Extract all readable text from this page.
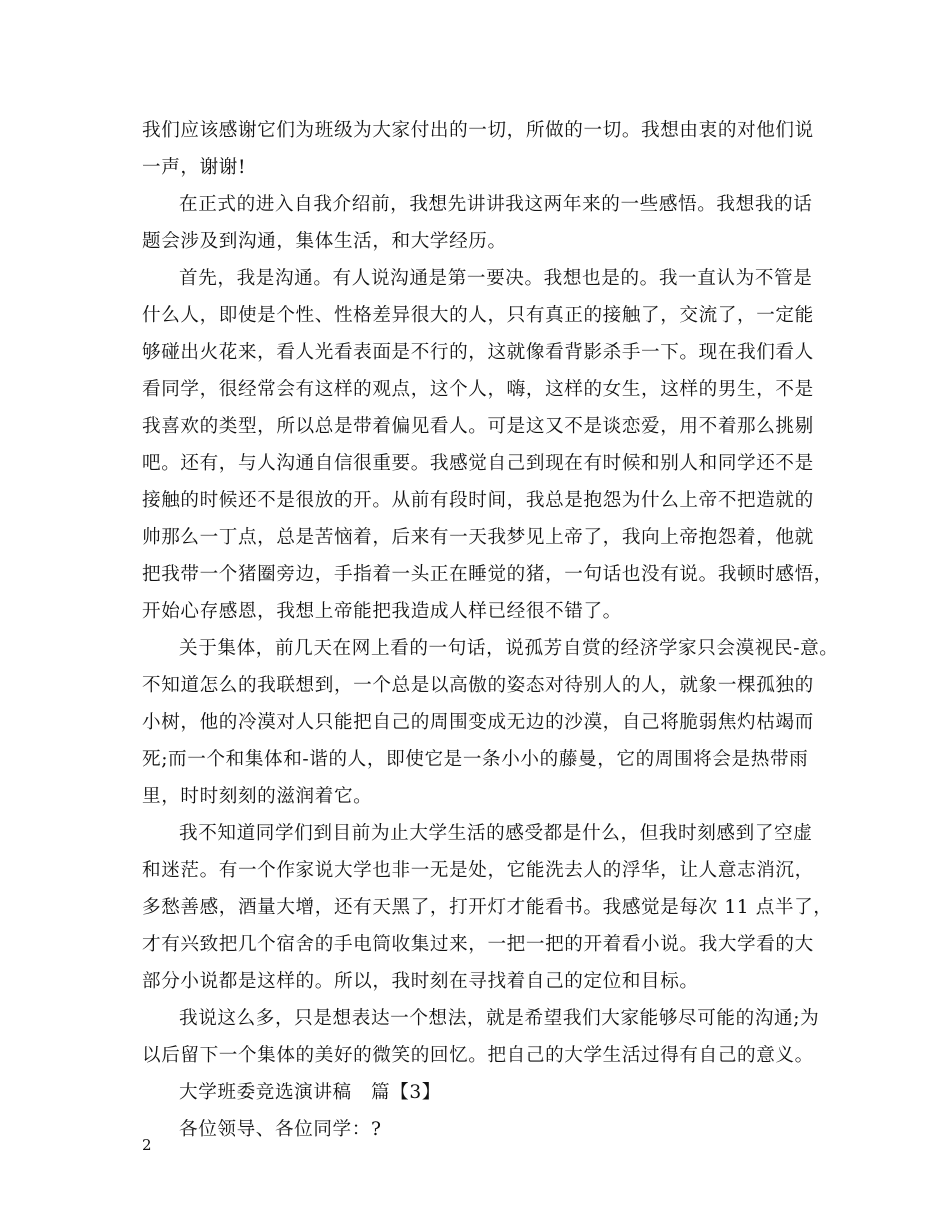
我们应该感谢它们为班级为大家付出的一切，所做的一切。我想由衷的对他们说
一声，谢谢!

在正式的进入自我介绍前，我想先讲讲我这两年来的一些感悟。我想我的话
题会涉及到沟通，集体生活，和大学经历。

首先，我是沟通。有人说沟通是第一要决。我想也是的。我一直认为不管是
什么人，即使是个性、性格差异很大的人，只有真正的接触了，交流了，一定能
够碰出火花来，看人光看表面是不行的，这就像看背影杀手一下。现在我们看人
看同学，很经常会有这样的观点，这个人，嗨，这样的女生，这样的男生，不是
我喜欢的类型，所以总是带着偏见看人。可是这又不是谈恋爱，用不着那么挑剔
吧。还有，与人沟通自信很重要。我感觉自己到现在有时候和别人和同学还不是
接触的时候还不是很放的开。从前有段时间，我总是抱怨为什么上帝不把造就的
帅那么一丁点，总是苦恼着，后来有一天我梦见上帝了，我向上帝抱怨着，他就
把我带一个猪圈旁边，手指着一头正在睡觉的猪，一句话也没有说。我顿时感悟，
开始心存感恩，我想上帝能把我造成人样已经很不错了。

关于集体，前几天在网上看的一句话，说孤芳自赏的经济学家只会漠视民-意。
不知道怎么的我联想到，一个总是以高傲的姿态对待别人的人，就象一棵孤独的
小树，他的冷漠对人只能把自己的周围变成无边的沙漠，自己将脆弱焦灼枯竭而
死;而一个和集体和-谐的人，即使它是一条小小的藤曼，它的周围将会是热带雨
里，时时刻刻的滋润着它。

我不知道同学们到目前为止大学生活的感受都是什么，但我时刻感到了空虚
和迷茫。有一个作家说大学也非一无是处，它能洗去人的浮华，让人意志消沉，
多愁善感，酒量大增，还有天黑了，打开灯才能看书。我感觉是每次 11 点半了，
才有兴致把几个宿舍的手电筒收集过来，一把一把的开着看小说。我大学看的大
部分小说都是这样的。所以，我时刻在寻找着自己的定位和目标。

我说这么多，只是想表达一个想法，就是希望我们大家能够尽可能的沟通;为
以后留下一个集体的美好的微笑的回忆。把自己的大学生活过得有自己的意义。

大学班委竞选演讲稿　篇【3】

各位领导、各位同学：?

2
